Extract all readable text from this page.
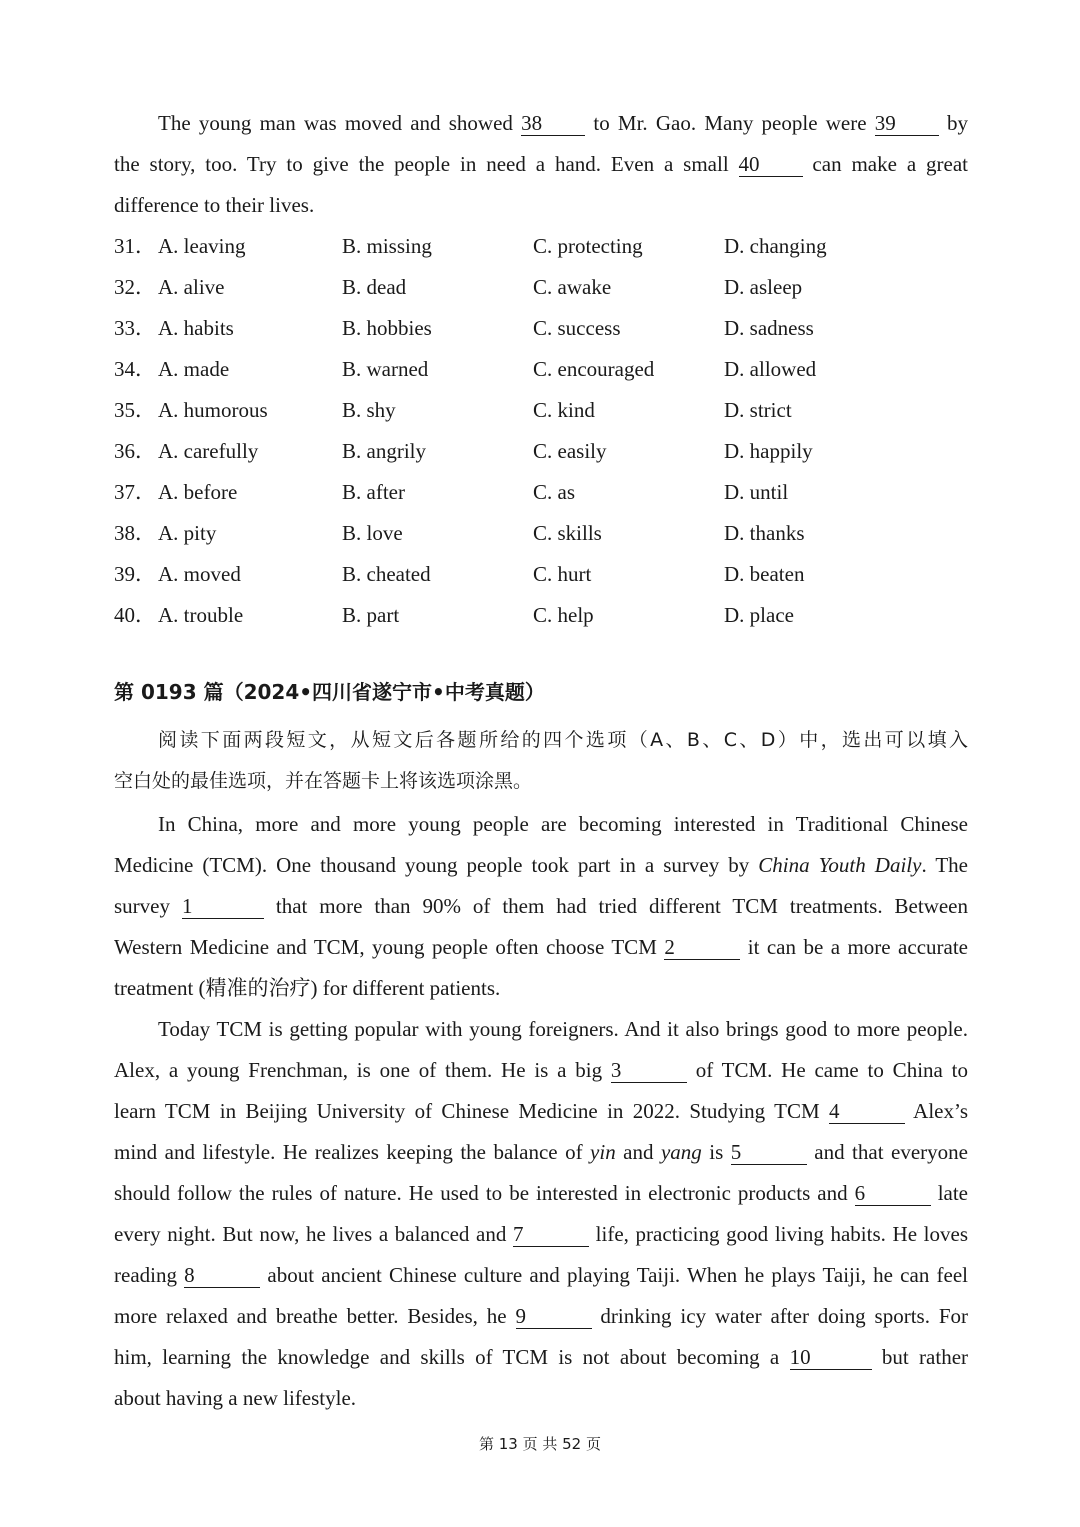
The young man was moved and showed 38 to Mr. Gao. Many people were 39 by
the story, too. Try to give the people in need a hand. Even a small 40 can make a great
difference to their lives.
31． A. leaving	B. missing	C. protecting	D. changing
32． A. alive	B. dead	C. awake	D. asleep
33． A. habits	B. hobbies	C. success	D. sadness
34． A. made	B. warned	C. encouraged	D. allowed
35． A. humorous	B. shy	C. kind	D. strict
36． A. carefully	B. angrily	C. easily	D. happily
37． A. before	B. after	C. as	D. until
38． A. pity	B. love	C. skills	D. thanks
39． A. moved	B. cheated	C. hurt	D. beaten
40． A. trouble	B. part	C. help	D. place
第 0193 篇（2024•四川省遂宁市•中考真题）
阅读下面两段短文，从短文后各题所给的四个选项（A、B、C、D）中，选出可以填入
空白处的最佳选项，并在答题卡上将该选项涂黑。
In China, more and more young people are becoming interested in Traditional Chinese
Medicine (TCM). One thousand young people took part in a survey by China Youth Daily. The
survey 1	that more than 90% of them had tried different TCM treatments. Between
Western Medicine and TCM, young people often choose TCM 2	it can be a more accurate
treatment (精准的治疗) for different patients.
Today TCM is getting popular with young foreigners. And it also brings good to more people.
Alex, a young Frenchman, is one of them. He is a big 3	of TCM. He came to China to
learn TCM in Beijing University of Chinese Medicine in 2022. Studying TCM 4	Alex’s
mind and lifestyle. He realizes keeping the balance of yin and yang is 5	and that everyone
should follow the rules of nature. He used to be interested in electronic products and 6	late
every night. But now, he lives a balanced and 7	life, practicing good living habits. He loves
reading 8	about ancient Chinese culture and playing Taiji. When he plays Taiji, he can feel
more relaxed and breathe better. Besides, he 9	drinking icy water after doing sports. For
him, learning the knowledge and skills of TCM is not about becoming a 10	but rather
about having a new lifestyle.
第 13 页 共 52 页
